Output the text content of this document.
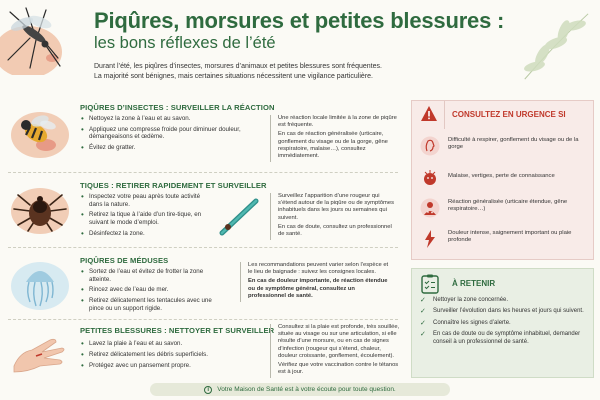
Piqûres, morsures et petites blessures :
les bons réflexes de l’été
Durant l’été, les piqûres d’insectes, morsures d’animaux et petites blessures sont fréquentes.
La majorité sont bénignes, mais certaines situations nécessitent une vigilance particulière.
PIQÛRES D’INSECTES : SURVEILLER LA RÉACTION
• Nettoyez la zone à l’eau et au savon.
• Appliquez une compresse froide pour diminuer douleur, démangeaisons et œdème.
• Évitez de gratter.

Une réaction locale limitée à la zone de piqûre est fréquente.

En cas de réaction généralisée (urticaire, gonflement du visage ou de la gorge, gêne respiratoire, malaise…), consultez immédiatement.

TIQUES : RETIRER RAPIDEMENT ET SURVEILLER
• Inspectez votre peau après toute activité dans la nature.
• Retirez la tique à l’aide d’un tire-tique, en suivant le mode d’emploi.
• Désinfectez la zone.

Surveillez l’apparition d’une rougeur qui s’étend autour de la piqûre ou de symptômes inhabituels dans les jours ou semaines qui suivent.

En cas de doute, consultez un professionnel de santé.

PIQÛRES DE MÉDUSES
• Sortez de l’eau et évitez de frotter la zone atteinte.
• Rincez avec de l’eau de mer.
• Retirez délicatement les tentacules avec une pince ou un support rigide.

Les recommandations peuvent varier selon l’espèce et le lieu de baignade : suivez les consignes locales.

En cas de douleur importante, de réaction étendue ou de symptôme général, consultez un professionnel de santé.

PETITES BLESSURES : NETTOYER ET SURVEILLER
• Lavez la plaie à l’eau et au savon.
• Retirez délicatement les débris superficiels.
• Protégez avec un pansement propre.

Consultez si la plaie est profonde, très souillée, située au visage ou sur une articulation, si elle résulte d’une morsure, ou en cas de signes d’infection (rougeur qui s’étend, chaleur, douleur croissante, gonflement, écoulement).

Vérifiez que votre vaccination contre le tétanos est à jour.

CONSULTEZ EN URGENCE SI
Difficulté à respirer, gonflement du visage ou de la gorge
Malaise, vertiges, perte de connaissance
Réaction généralisée (urticaire étendue, gêne respiratoire…)
Douleur intense, saignement important ou plaie profonde
À RETENIR
✓ Nettoyer la zone concernée.
✓ Surveiller l’évolution dans les heures et jours qui suivent.
✓ Connaître les signes d’alerte.
✓ En cas de doute ou de symptôme inhabituel, demander conseil à un professionnel de santé.
i	Votre Maison de Santé est à votre écoute pour toute question.
